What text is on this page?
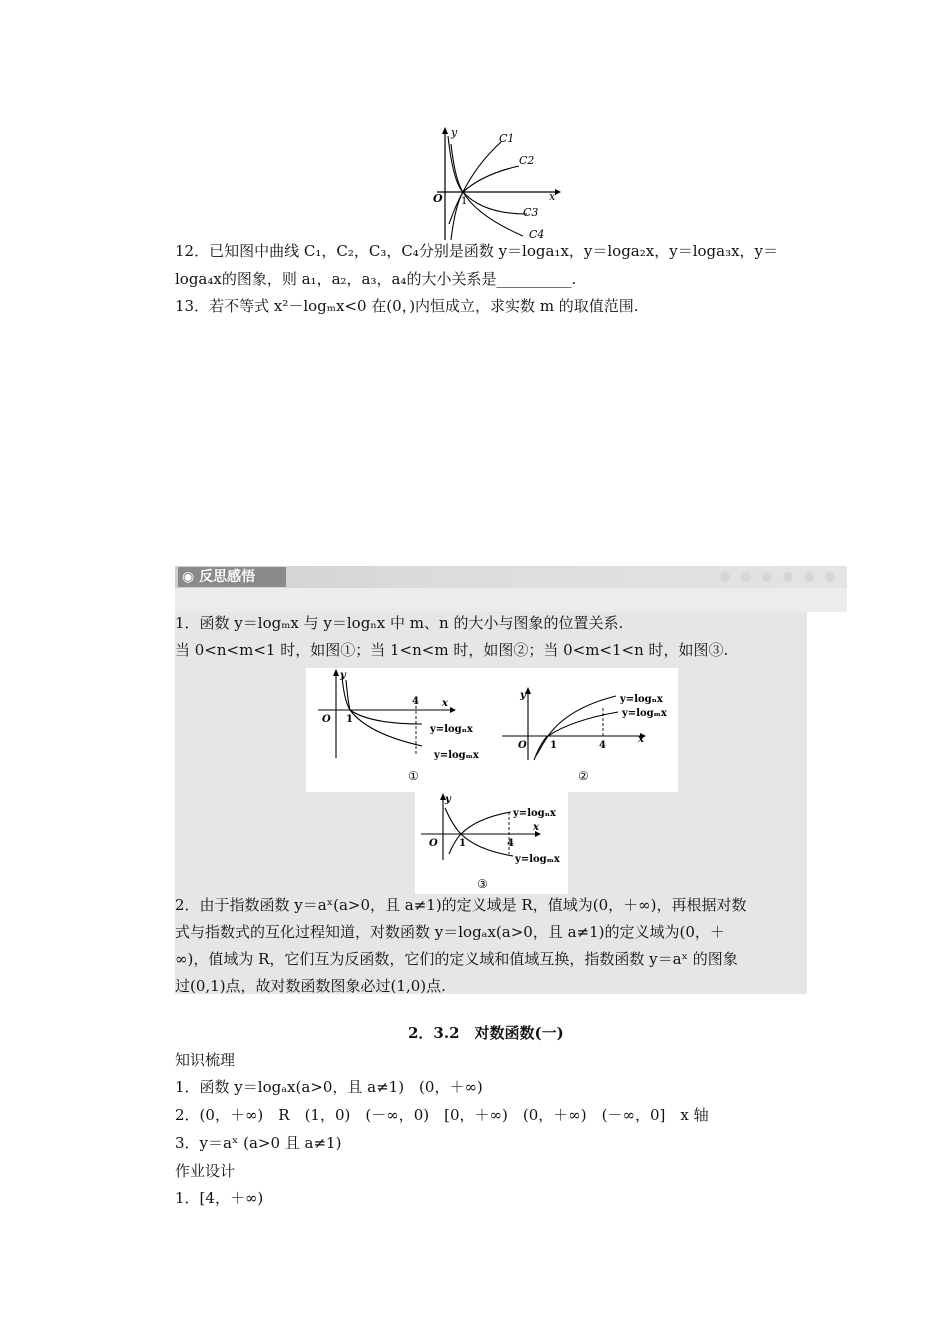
y
x
O 1
C1
C2
C3
C4
12．已知图中曲线 C₁，C₂，C₃，C₄分别是函数 y＝loga₁x，y＝loga₂x，y＝loga₃x，y＝
loga₄x的图象，则 a₁，a₂，a₃，a₄的大小关系是__________.
13．若不等式 x²－logₘx<0 在(0，)内恒成立，求实数 m 的取值范围.
◉ 反思感悟
1．函数 y＝logₘx 与 y＝logₙx 中 m、n 的大小与图象的位置关系.
当 0<n<m<1 时，如图①；当 1<n<m 时，如图②；当 0<m<1<n 时，如图③.
y
x
O 1
4
y=logₙx
y=logₘx
①
y
x
O 1	4
y=logₙx
y=logₘx
②
y
x
O 1	4
y=logₙx
y=logₘx
③
2．由于指数函数 y＝aˣ(a>0，且 a≠1)的定义域是 R，值域为(0，＋∞)，再根据对数
式与指数式的互化过程知道，对数函数 y＝logₐx(a>0，且 a≠1)的定义域为(0，＋
∞)，值域为 R，它们互为反函数，它们的定义域和值域互换，指数函数 y＝aˣ 的图象
过(0,1)点，故对数函数图象必过(1,0)点.
2．3.2　对数函数(一)
知识梳理
1．函数 y＝logₐx(a>0，且 a≠1)　(0，＋∞)
2．(0，＋∞)　R　(1，0)　(－∞，0)　[0，＋∞)　(0，＋∞)　(－∞，0]　x 轴
3．y＝aˣ (a>0 且 a≠1)
作业设计
1．[4，＋∞)
